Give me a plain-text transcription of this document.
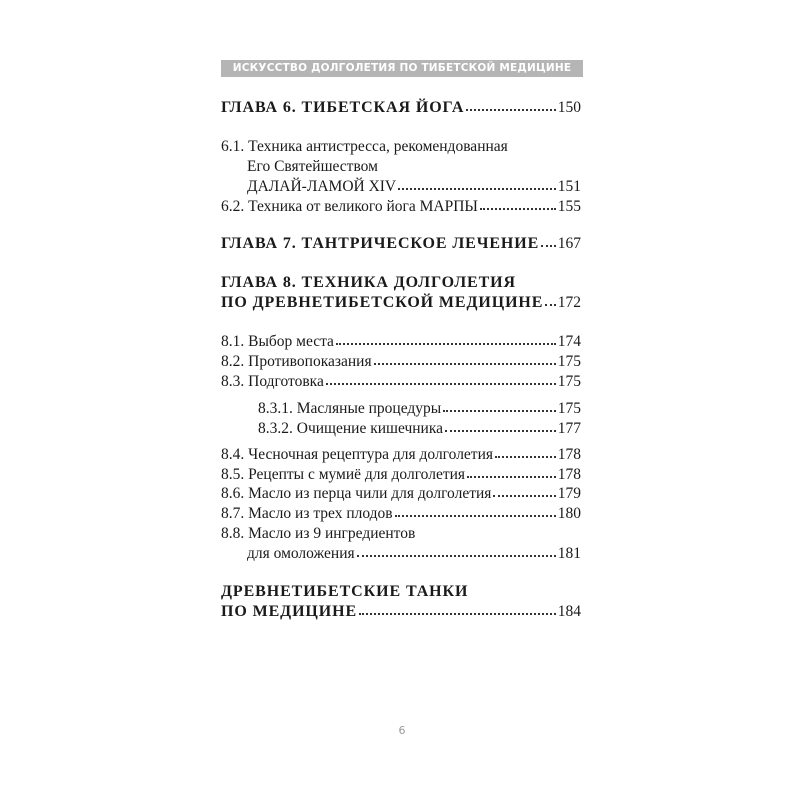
ИСКУССТВО ДОЛГОЛЕТИЯ ПО ТИБЕТСКОЙ МЕДИЦИНЕ
ГЛАВА 6. ТИБЕТСКАЯ ЙОГА	150
6.1. Техника антистресса, рекомендованная
Его Святейшеством
ДАЛАЙ-ЛАМОЙ XIV	151
6.2. Техника от великого йога МАРПЫ	155
ГЛАВА 7. ТАНТРИЧЕСКОЕ ЛЕЧЕНИЕ 167
ГЛАВА 8. ТЕХНИКА ДОЛГОЛЕТИЯ
ПО ДРЕВНЕТИБЕТСКОЙ МЕДИЦИНЕ 172
8.1. Выбор места	174
8.2. Противопоказания	175
8.3. Подготовка	175
8.3.1. Масляные процедуры	175
8.3.2. Очищение кишечника	177
8.4. Чесночная рецептура для долголетия	178
8.5. Рецепты с мумиё для долголетия	178
8.6. Масло из перца чили для долголетия	179
8.7. Масло из трех плодов	180
8.8. Масло из 9 ингредиентов
для омоложения	181
ДРЕВНЕТИБЕТСКИЕ ТАНКИ
ПО МЕДИЦИНЕ	184
6
